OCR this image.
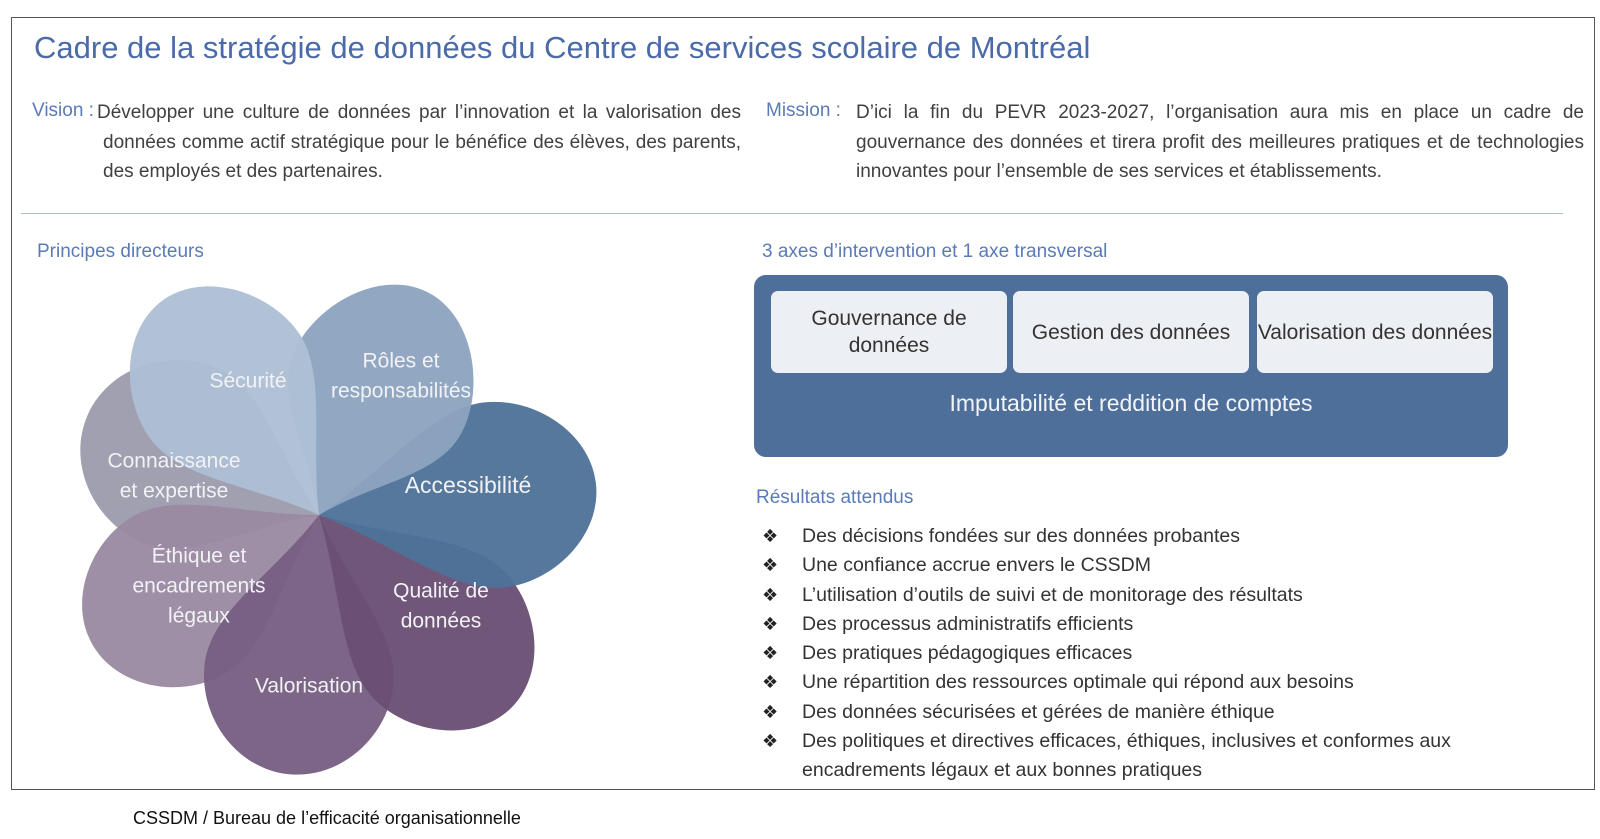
Cadre de la stratégie de données du Centre de services scolaire de Montréal
Vision : Développer une culture de données par l’innovation et la valorisation des données comme actif stratégique pour le bénéfice des élèves, des parents, des employés et des partenaires.
Mission : D’ici la fin du PEVR 2023-2027, l’organisation aura mis en place un cadre de gouvernance des données et tirera profit des meilleures pratiques et de technologies innovantes pour l’ensemble de ses services et établissements.
Principes directeurs
Sécurité
Rôles et responsabilités
Accessibilité
Qualité de données
Valorisation
Éthique et encadrements légaux
Connaissance et expertise
3 axes d’intervention et 1 axe transversal
Gouvernance de données
Gestion des données	Valorisation des données
Imputabilité et reddition de comptes
Résultats attendus
❖ Des décisions fondées sur des données probantes
❖ Une confiance accrue envers le CSSDM
❖ L’utilisation d’outils de suivi et de monitorage des résultats
❖ Des processus administratifs efficients
❖ Des pratiques pédagogiques efficaces
❖ Une répartition des ressources optimale qui répond aux besoins
❖ Des données sécurisées et gérées de manière éthique
❖ Des politiques et directives efficaces, éthiques, inclusives et conformes aux encadrements légaux et aux bonnes pratiques
CSSDM / Bureau de l’efficacité organisationnelle
